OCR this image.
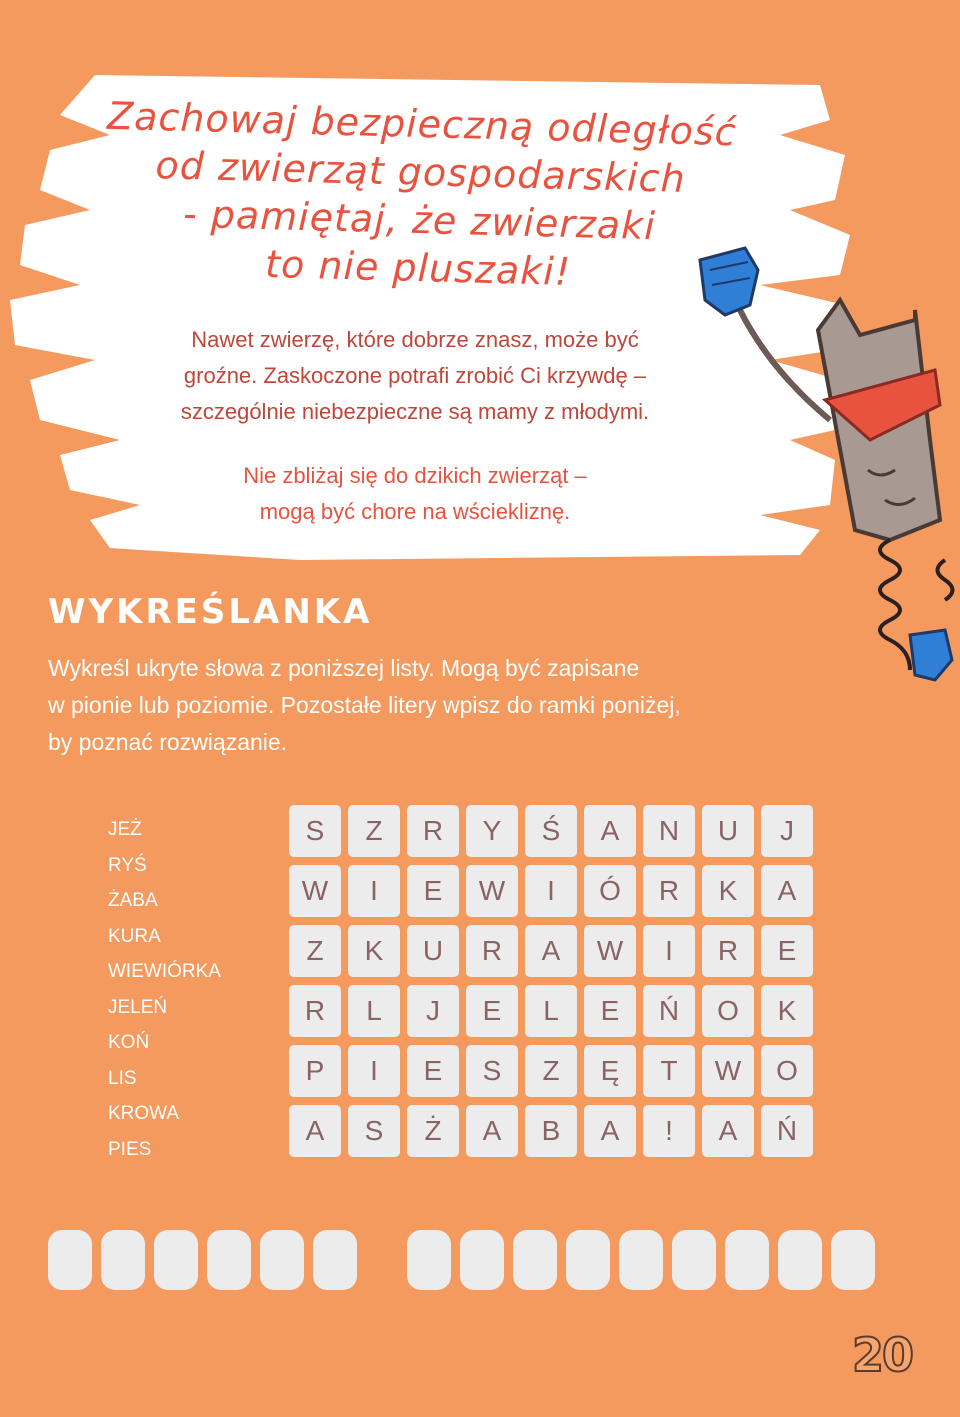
Zachowaj bezpieczną odległość
od zwierząt gospodarskich
- pamiętaj, że zwierzaki
to nie pluszaki!
Nawet zwierzę, które dobrze znasz, może być
groźne. Zaskoczone potrafi zrobić Ci krzywdę –
szczególnie niebezpieczne są mamy z młodymi.
Nie zbliżaj się do dzikich zwierząt –
mogą być chore na wściekliznę.
WYKREŚLANKA
Wykreśl ukryte słowa z poniższej listy. Mogą być zapisane
w pionie lub poziomie. Pozostałe litery wpisz do ramki poniżej,
by poznać rozwiązanie.
JEŻ
RYŚ
ŻABA
KURA
WIEWIÓRKA
JELEŃ
KOŃ
LIS
KROWA
PIES
S	Z	R	Y	Ś	A	N	U	J
W	I	E	W	I	Ó	R	K	A
Z	K	U	R	A	W	I	R	E
R	L	J	E	L	E	Ń	O	K
P	I	E	S	Z	Ę	T	W	O
A	S	Ż	A	B	A	!	A	Ń
20
